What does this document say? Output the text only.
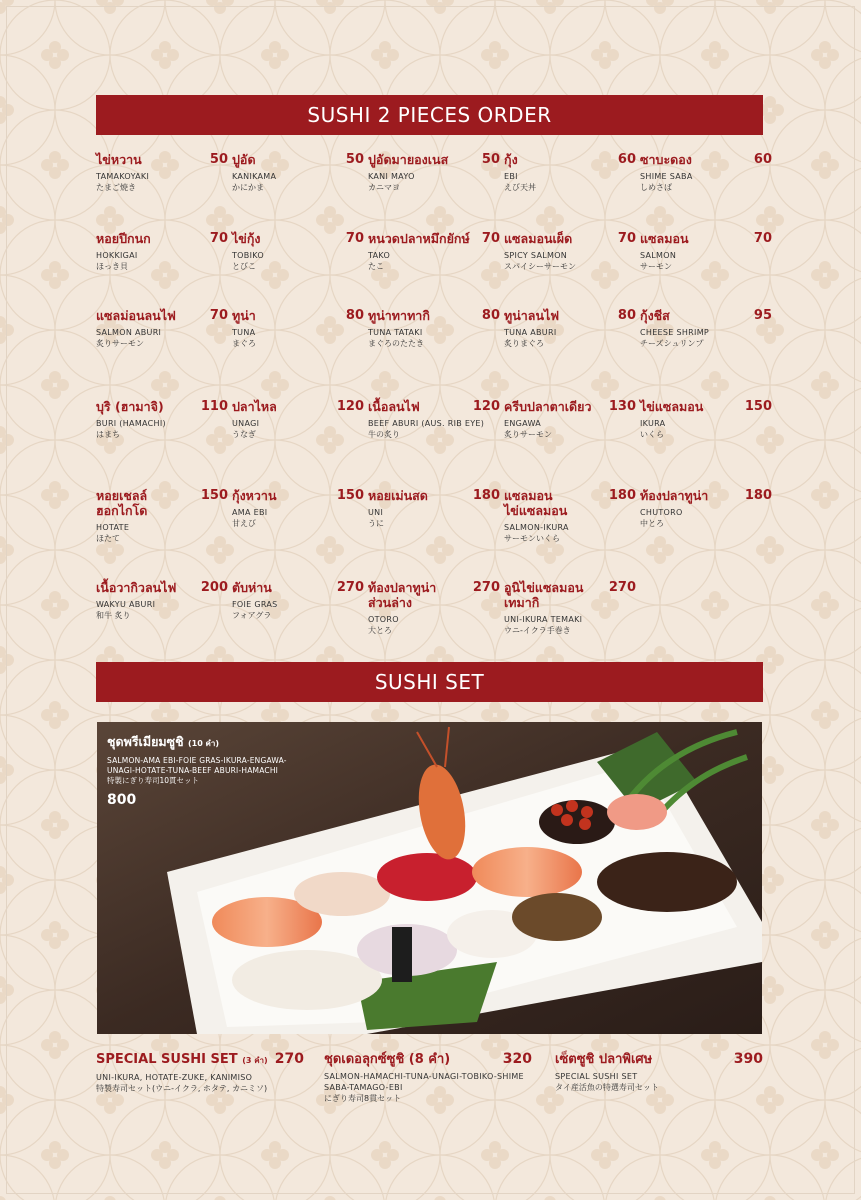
SUSHI 2 PIECES ORDER
ไข่หวาน	50
TAMAKOYAKI
たまご焼き
ปูอัด	50
KANIKAMA
かにかま
ปูอัดมายองเนส	50
KANI MAYO
カニマヨ
กุ้ง	60
EBI
えび天丼
ซาบะดอง	60
SHIME SABA
しめさば
หอยปีกนก	70
HOKKIGAI
ほっき貝
ไข่กุ้ง	70
TOBIKO
とびこ
หนวดปลาหมึกยักษ์ 70
TAKO
たこ
แซลมอนเผ็ด	70
SPICY SALMON
スパイシーサーモン
แซลมอน	70
SALMON
サーモン
แซลม่อนลนไฟ	70
SALMON ABURI
炙りサーモン
ทูน่า	80
TUNA
まぐろ
ทูน่าทาทากิ	80
TUNA TATAKI
まぐろのたたき
ทูน่าลนไฟ	80
TUNA ABURI
炙りまぐろ
กุ้งชีส	95
CHEESE SHRIMP
チーズシュリンプ
บุริ (ฮามาจิ)	110
BURI (HAMACHI)
はまち
ปลาไหล	120
UNAGI
うなぎ
เนื้อลนไฟ	120
BEEF ABURI (AUS. RIB EYE)
牛の炙り
ครีบปลาตาเดียว	130
ENGAWA
炙りサーモン
ไข่แซลมอน	150
IKURA
いくら
หอยเชลล์
ฮอกไกโด
150
HOTATE
ほたて
กุ้งหวาน	150
AMA EBI
甘えび
หอยเม่นสด	180
UNI
うに
แซลมอน
ไข่แซลมอน
180
SALMON-IKURA
サーモンいくら
ท้องปลาทูน่า	180
CHUTORO
中とろ
เนื้อวากิวลนไฟ	200
WAKYU ABURI
和牛 炙り
ตับห่าน	270
FOIE GRAS
フォアグラ
ท้องปลาทูน่า
ส่วนล่าง
270
OTORO
大とろ
อูนิไข่แซลมอน
เทมากิ
270
UNI-IKURA TEMAKI
ウニ-イクラ手巻き
SUSHI SET
ชุดพรีเมียมซูชิ (10 คำ)
SALMON-AMA EBI-FOIE GRAS-IKURA-ENGAWA-UNAGI-HOTATE-TUNA-BEEF ABURI-HAMACHI
特製にぎり寿司10貫セット
800
SPECIAL SUSHI SET (3 คำ) 270
UNI-IKURA, HOTATE-ZUKE, KANIMISO
特製寿司セット(ウニ-イクラ, ホタテ, カニミソ)
ชุดเดอลุกซ์ซูชิ (8 คำ)	320
SALMON-HAMACHI-TUNA-UNAGI-TOBIKO-SHIME SABA-TAMAGO-EBI
にぎり寿司8貫セット
เซ็ตซูชิ ปลาพิเศษ	390
SPECIAL SUSHI SET
タイ産活魚の特選寿司セット
